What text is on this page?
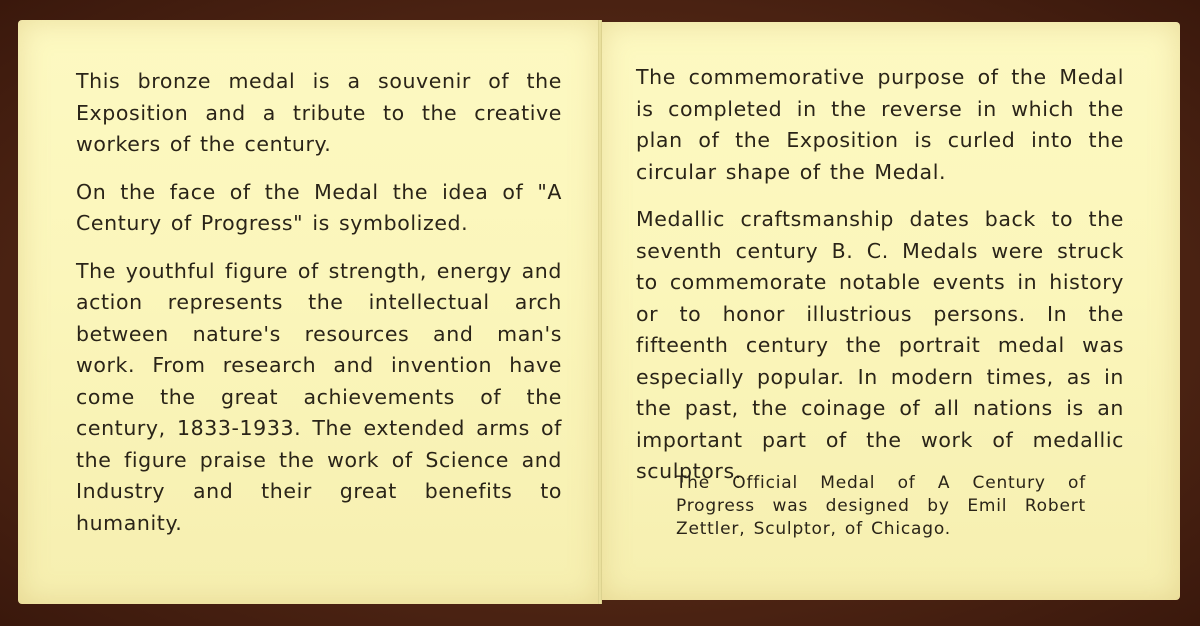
This bronze medal is a souvenir of the Exposition and a tribute to the creative workers of the century.

On the face of the Medal the idea of "A Century of Progress" is symbolized.

The youthful figure of strength, energy and action represents the intellectual arch between nature's resources and man's work. From research and invention have come the great achievements of the century, 1833-1933. The extended arms of the figure praise the work of Science and Industry and their great benefits to humanity.

The commemorative purpose of the Medal is completed in the reverse in which the plan of the Exposition is curled into the circular shape of the Medal.

Medallic craftsmanship dates back to the seventh century B. C. Medals were struck to commemorate notable events in history or to honor illustrious persons. In the fifteenth century the portrait medal was especially popular. In modern times, as in the past, the coinage of all nations is an important part of the work of medallic sculptors.

The Official Medal of A Century of Progress was designed by Emil Robert Zettler, Sculptor, of Chicago.
